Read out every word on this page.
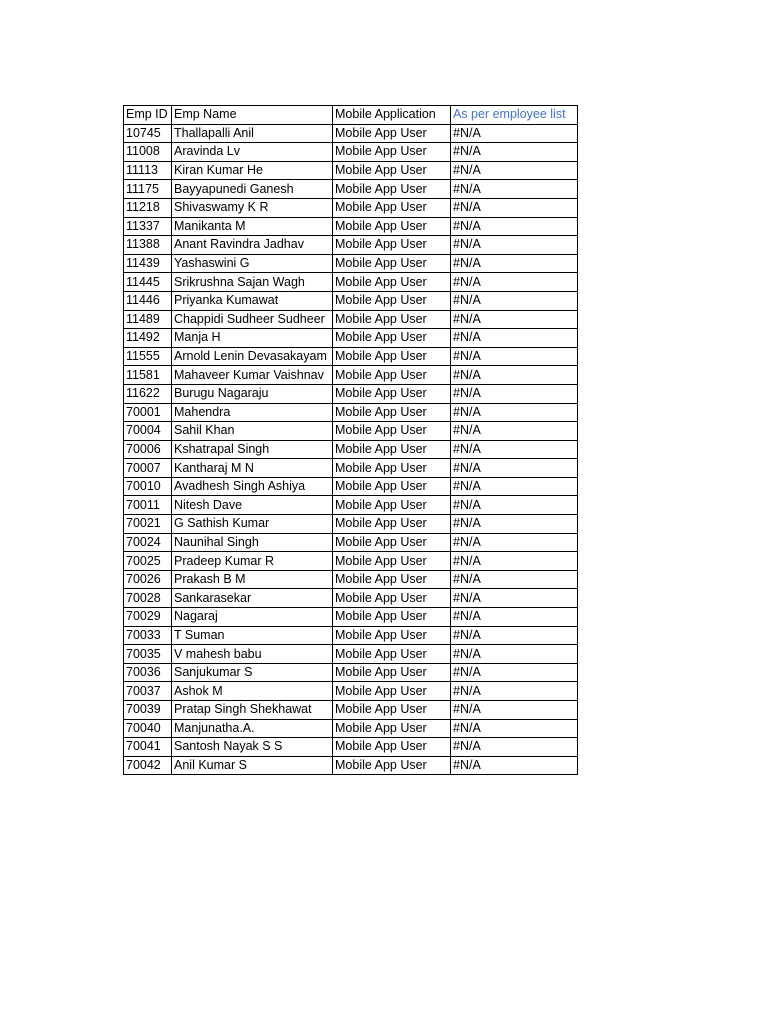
Emp ID	Emp Name	Mobile Application	As per employee list
10745	Thallapalli Anil	Mobile App User	#N/A
11008	Aravinda Lv	Mobile App User	#N/A
11113	Kiran Kumar He	Mobile App User	#N/A
11175	Bayyapunedi Ganesh	Mobile App User	#N/A
11218	Shivaswamy K R	Mobile App User	#N/A
11337	Manikanta M	Mobile App User	#N/A
11388	Anant Ravindra Jadhav	Mobile App User	#N/A
11439	Yashaswini G	Mobile App User	#N/A
11445	Srikrushna Sajan Wagh	Mobile App User	#N/A
11446	Priyanka Kumawat	Mobile App User	#N/A
11489	Chappidi Sudheer Sudheer	Mobile App User	#N/A
11492	Manja H	Mobile App User	#N/A
11555	Arnold Lenin Devasakayam	Mobile App User	#N/A
11581	Mahaveer Kumar Vaishnav	Mobile App User	#N/A
11622	Burugu Nagaraju	Mobile App User	#N/A
70001	Mahendra	Mobile App User	#N/A
70004	Sahil Khan	Mobile App User	#N/A
70006	Kshatrapal Singh	Mobile App User	#N/A
70007	Kantharaj M N	Mobile App User	#N/A
70010	Avadhesh Singh Ashiya	Mobile App User	#N/A
70011	Nitesh Dave	Mobile App User	#N/A
70021	G Sathish Kumar	Mobile App User	#N/A
70024	Naunihal Singh	Mobile App User	#N/A
70025	Pradeep Kumar R	Mobile App User	#N/A
70026	Prakash B M	Mobile App User	#N/A
70028	Sankarasekar	Mobile App User	#N/A
70029	Nagaraj	Mobile App User	#N/A
70033	T Suman	Mobile App User	#N/A
70035	V mahesh babu	Mobile App User	#N/A
70036	Sanjukumar S	Mobile App User	#N/A
70037	Ashok M	Mobile App User	#N/A
70039	Pratap Singh Shekhawat	Mobile App User	#N/A
70040	Manjunatha.A.	Mobile App User	#N/A
70041	Santosh Nayak S S	Mobile App User	#N/A
70042	Anil Kumar S	Mobile App User	#N/A
